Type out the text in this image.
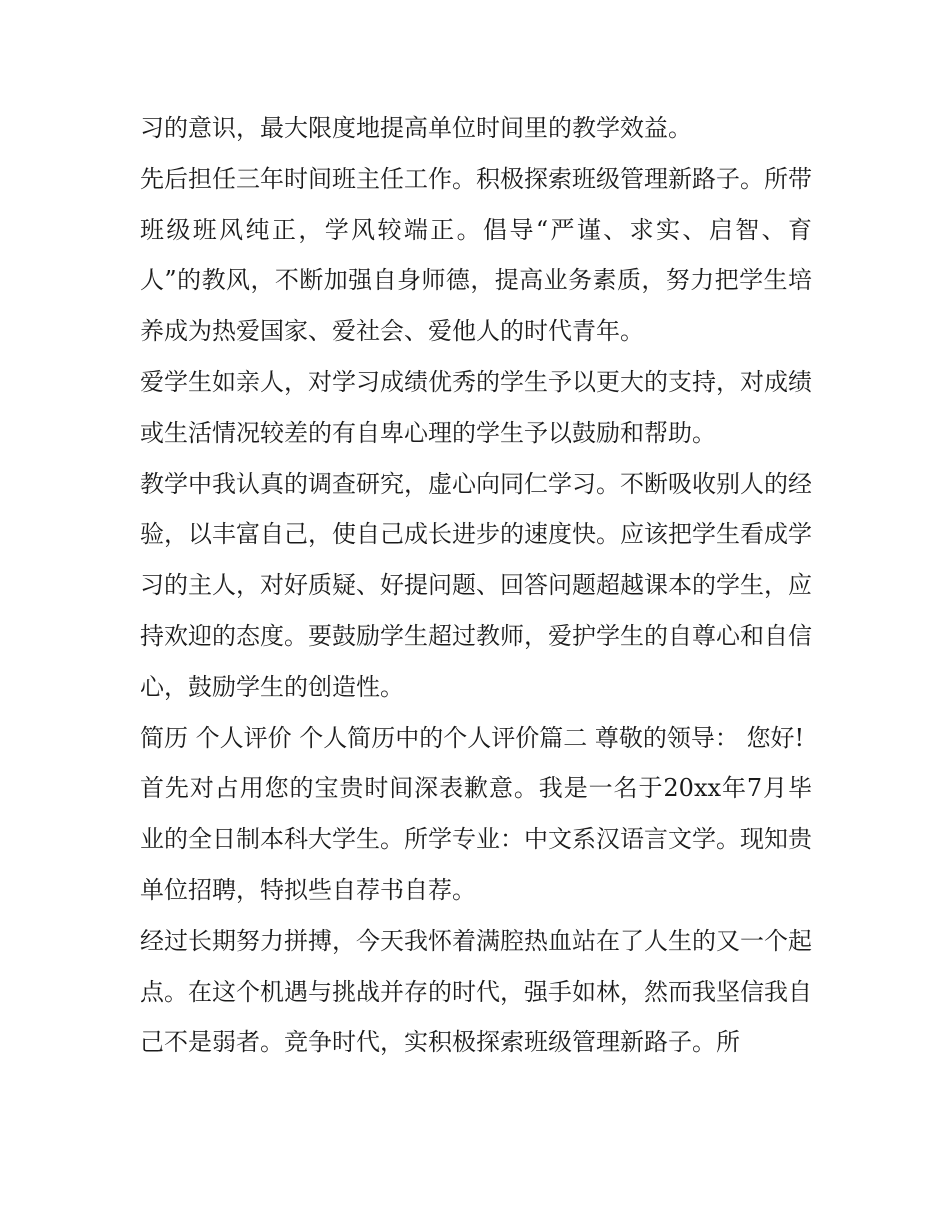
习的意识，最大限度地提高单位时间里的教学效益。

先后担任三年时间班主任工作。积极探索班级管理新路子。所带班级班风纯正，学风较端正。倡导“严谨、求实、启智、育人”的教风，不断加强自身师德，提高业务素质，努力把学生培养成为热爱国家、爱社会、爱他人的时代青年。

爱学生如亲人，对学习成绩优秀的学生予以更大的支持，对成绩或生活情况较差的有自卑心理的学生予以鼓励和帮助。

教学中我认真的调查研究，虚心向同仁学习。不断吸收别人的经验，以丰富自己，使自己成长进步的速度快。应该把学生看成学习的主人，对好质疑、好提问题、回答问题超越课本的学生，应持欢迎的态度。要鼓励学生超过教师，爱护学生的自尊心和自信心，鼓励学生的创造性。

简历 个人评价 个人简历中的个人评价篇二 尊敬的领导： 您好!

首先对占用您的宝贵时间深表歉意。我是一名于20xx年7月毕业的全日制本科大学生。所学专业：中文系汉语言文学。现知贵单位招聘，特拟些自荐书自荐。

经过长期努力拼搏，今天我怀着满腔热血站在了人生的又一个起点。在这个机遇与挑战并存的时代，强手如林，然而我坚信我自己不是弱者。竞争时代，实积极探索班级管理新路子。所
